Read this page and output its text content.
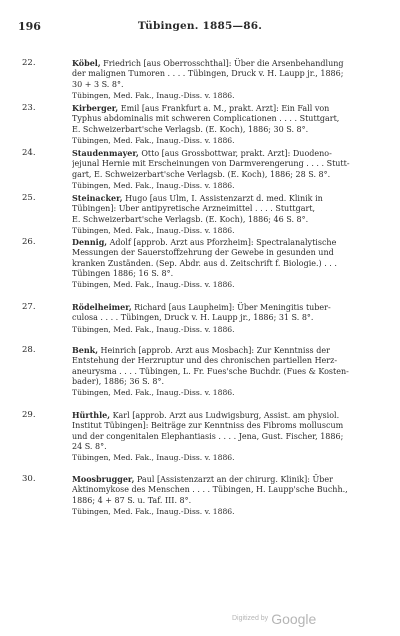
196	Tübingen. 1885—86.
22.	Köbel, Friedrich [aus Oberrosschthal]: Über die Arsenbehandlung
der malignen Tumoren . . . . Tübingen, Druck v. H. Laupp jr., 1886;
30 + 3 S. 8°.
Tübingen, Med. Fak., Inaug.-Diss. v. 1886.
23.	Kirberger, Emil [aus Frankfurt a. M., prakt. Arzt]: Ein Fall von
Typhus abdominalis mit schweren Complicationen . . . . Stuttgart,
E. Schweizerbart'sche Verlagsb. (E. Koch), 1886; 30 S. 8°.
Tübingen, Med. Fak., Inaug.-Diss. v. 1886.
24.	Staudenmayer, Otto [aus Grossbottwar, prakt. Arzt]: Duodeno-
jejunal Hernie mit Erscheinungen von Darmverengerung . . . . Stutt-
gart, E. Schweizerbart'sche Verlagsb. (E. Koch), 1886; 28 S. 8°.
Tübingen, Med. Fak., Inaug.-Diss. v. 1886.
25.	Steinacker, Hugo [aus Ulm, I. Assistenzarzt d. med. Klinik in
Tübingen]: Über antipyretische Arzneimittel . . . . Stuttgart,
E. Schweizerbart'sche Verlagsb. (E. Koch), 1886; 46 S. 8°.
Tübingen, Med. Fak., Inaug.-Diss. v. 1886.
26.	Dennig, Adolf [approb. Arzt aus Pforzheim]: Spectralanalytische
Messungen der Sauerstoffzehrung der Gewebe in gesunden und
kranken Zuständen. (Sep. Abdr. aus d. Zeitschrift f. Biologie.) . . .
Tübingen 1886; 16 S. 8°.
Tübingen, Med. Fak., Inaug.-Diss. v. 1886.
27.	Rödelheimer, Richard [aus Laupheim]: Über Meningitis tuber-
culosa . . . . Tübingen, Druck v. H. Laupp jr., 1886; 31 S. 8°.
Tübingen, Med. Fak., Inaug.-Diss. v. 1886.
28.	Benk, Heinrich [approb. Arzt aus Mosbach]: Zur Kenntniss der
Entstehung der Herzruptur und des chronischen partiellen Herz-
aneurysma . . . . Tübingen, L. Fr. Fues'sche Buchdr. (Fues & Kosten-
bader), 1886; 36 S. 8°.
Tübingen, Med. Fak., Inaug.-Diss. v. 1886.
29.	Hürthle, Karl [approb. Arzt aus Ludwigsburg, Assist. am physiol.
Institut Tübingen]: Beiträge zur Kenntniss des Fibroms molluscum
und der congenitalen Elephantiasis . . . . Jena, Gust. Fischer, 1886;
24 S. 8°.
Tübingen, Med. Fak., Inaug.-Diss. v. 1886.
30.	Moosbrugger, Paul [Assistenzarzt an der chirurg. Klinik]: Über
Aktinomykose des Menschen . . . . Tübingen, H. Laupp'sche Buchh.,
1886; 4 + 87 S. u. Taf. III. 8°.
Tübingen, Med. Fak., Inaug.-Diss. v. 1886.
Digitized by Google
